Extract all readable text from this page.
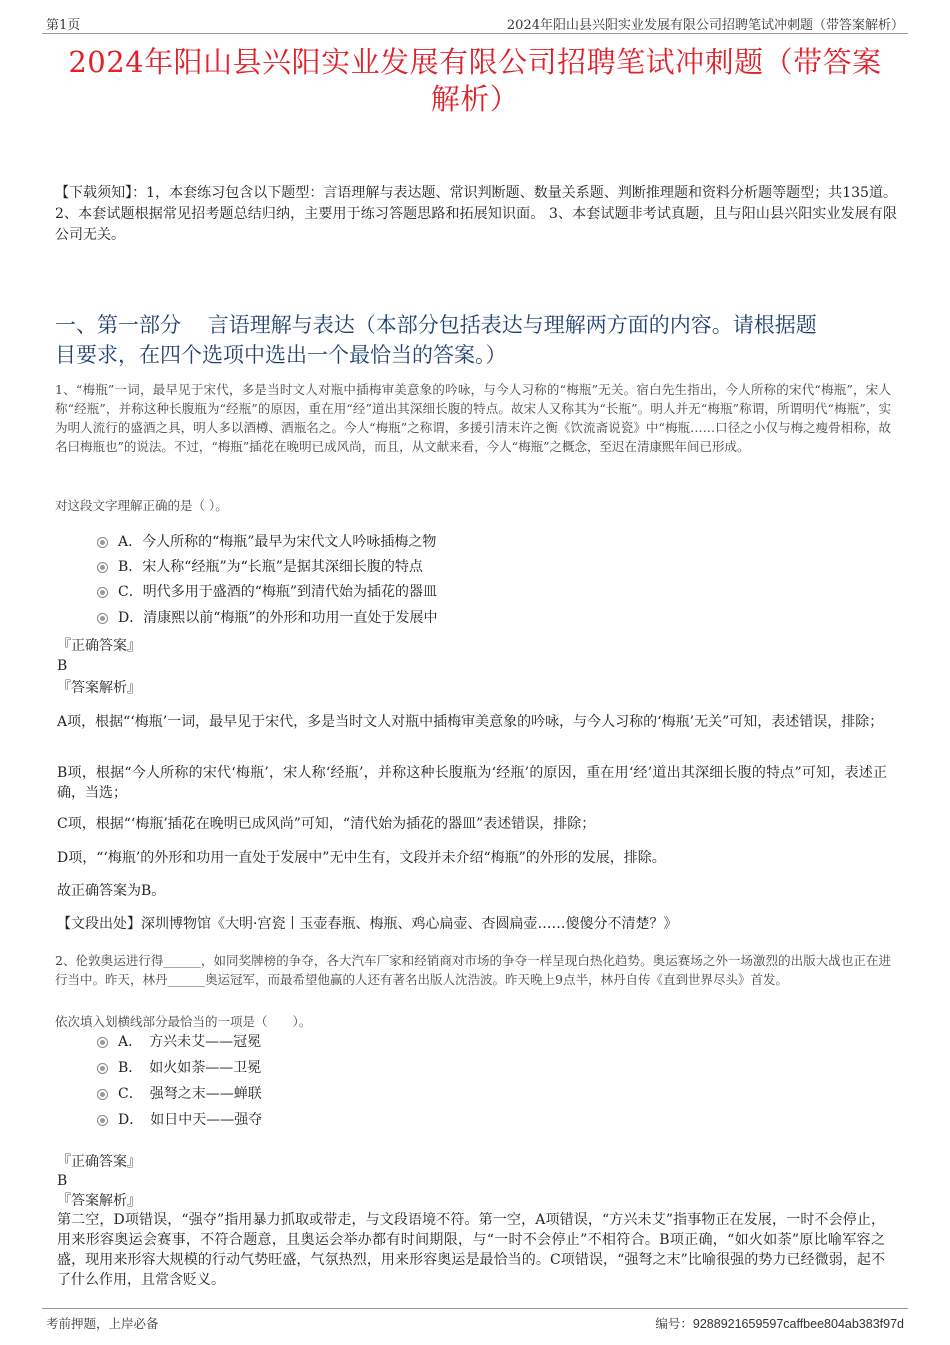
第1页	2024年阳山县兴阳实业发展有限公司招聘笔试冲刺题（带答案解析）
2024年阳山县兴阳实业发展有限公司招聘笔试冲刺题（带答案
解析）
【下载须知】：1，本套练习包含以下题型：言语理解与表达题、常识判断题、数量关系题、判断推理题和资料分析题等题型；共135道。 2、本套试题根据常见招考题总结归纳，主要用于练习答题思路和拓展知识面。 3、本套试题非考试真题，且与阳山县兴阳实业发展有限公司无关。
一、第一部分    言语理解与表达（本部分包括表达与理解两方面的内容。请根据题
目要求，在四个选项中选出一个最恰当的答案。）
1、“梅瓶”一词，最早见于宋代，多是当时文人对瓶中插梅审美意象的吟咏，与今人习称的“梅瓶”无关。宿白先生指出，今人所称的宋代“梅瓶”，宋人称“经瓶”，并称这种长腹瓶为“经瓶”的原因，重在用“经”道出其深细长腹的特点。故宋人又称其为“长瓶”。明人并无“梅瓶”称谓，所谓明代“梅瓶”，实为明人流行的盛酒之具，明人多以酒樽、酒瓶名之。今人“梅瓶”之称谓，多援引清末许之衡《饮流斋说瓷》中“梅瓶……口径之小仅与梅之瘦骨相称，故名曰梅瓶也”的说法。不过，“梅瓶”插花在晚明已成风尚，而且，从文献来看，今人“梅瓶”之概念，至迟在清康熙年间已形成。
对这段文字理解正确的是（ ）。
A．今人所称的“梅瓶”最早为宋代文人吟咏插梅之物
B．宋人称“经瓶”为“长瓶”是据其深细长腹的特点
C．明代多用于盛酒的“梅瓶”到清代始为插花的器皿
D．清康熙以前“梅瓶”的外形和功用一直处于发展中
『正确答案』
B
『答案解析』
A项，根据“‘梅瓶’一词，最早见于宋代，多是当时文人对瓶中插梅审美意象的吟咏，与今人习称的‘梅瓶’无关”可知，表述错误，排除；
B项，根据“今人所称的宋代‘梅瓶’，宋人称‘经瓶’，并称这种长腹瓶为‘经瓶’的原因，重在用‘经’道出其深细长腹的特点”可知，表述正确，当选；
C项，根据“‘梅瓶’插花在晚明已成风尚”可知，“清代始为插花的器皿”表述错误，排除；
D项，“‘梅瓶’的外形和功用一直处于发展中”无中生有，文段并未介绍“梅瓶”的外形的发展，排除。
故正确答案为B。
【文段出处】深圳博物馆《大明·宫瓷丨玉壶春瓶、梅瓶、鸡心扁壶、杏圆扁壶……傻傻分不清楚？》
2、伦敦奥运进行得______，如同奖牌榜的争夺，各大汽车厂家和经销商对市场的争夺一样呈现白热化趋势。奥运赛场之外一场激烈的出版大战也正在进行当中。昨天，林丹______奥运冠军，而最希望他赢的人还有著名出版人沈浩波。昨天晚上9点半，林丹自传《直到世界尽头》首发。
依次填入划横线部分最恰当的一项是（　　）。
A．　方兴未艾——冠冕
B．　如火如荼——卫冕
C．　强弩之末——蝉联
D．　如日中天——强夺
『正确答案』
B
『答案解析』
第二空，D项错误，“强夺”指用暴力抓取或带走，与文段语境不符。第一空，A项错误，“方兴未艾”指事物正在发展，一时不会停止，用来形容奥运会赛事，不符合题意，且奥运会举办都有时间期限，与“一时不会停止”不相符合。B项正确，“如火如荼”原比喻军容之盛，现用来形容大规模的行动气势旺盛，气氛热烈，用来形容奥运是最恰当的。C项错误，“强弩之末”比喻很强的势力已经微弱，起不了什么作用，且常含贬义。
考前押题，上岸必备	编号：9288921659597caffbee804ab383f97d
